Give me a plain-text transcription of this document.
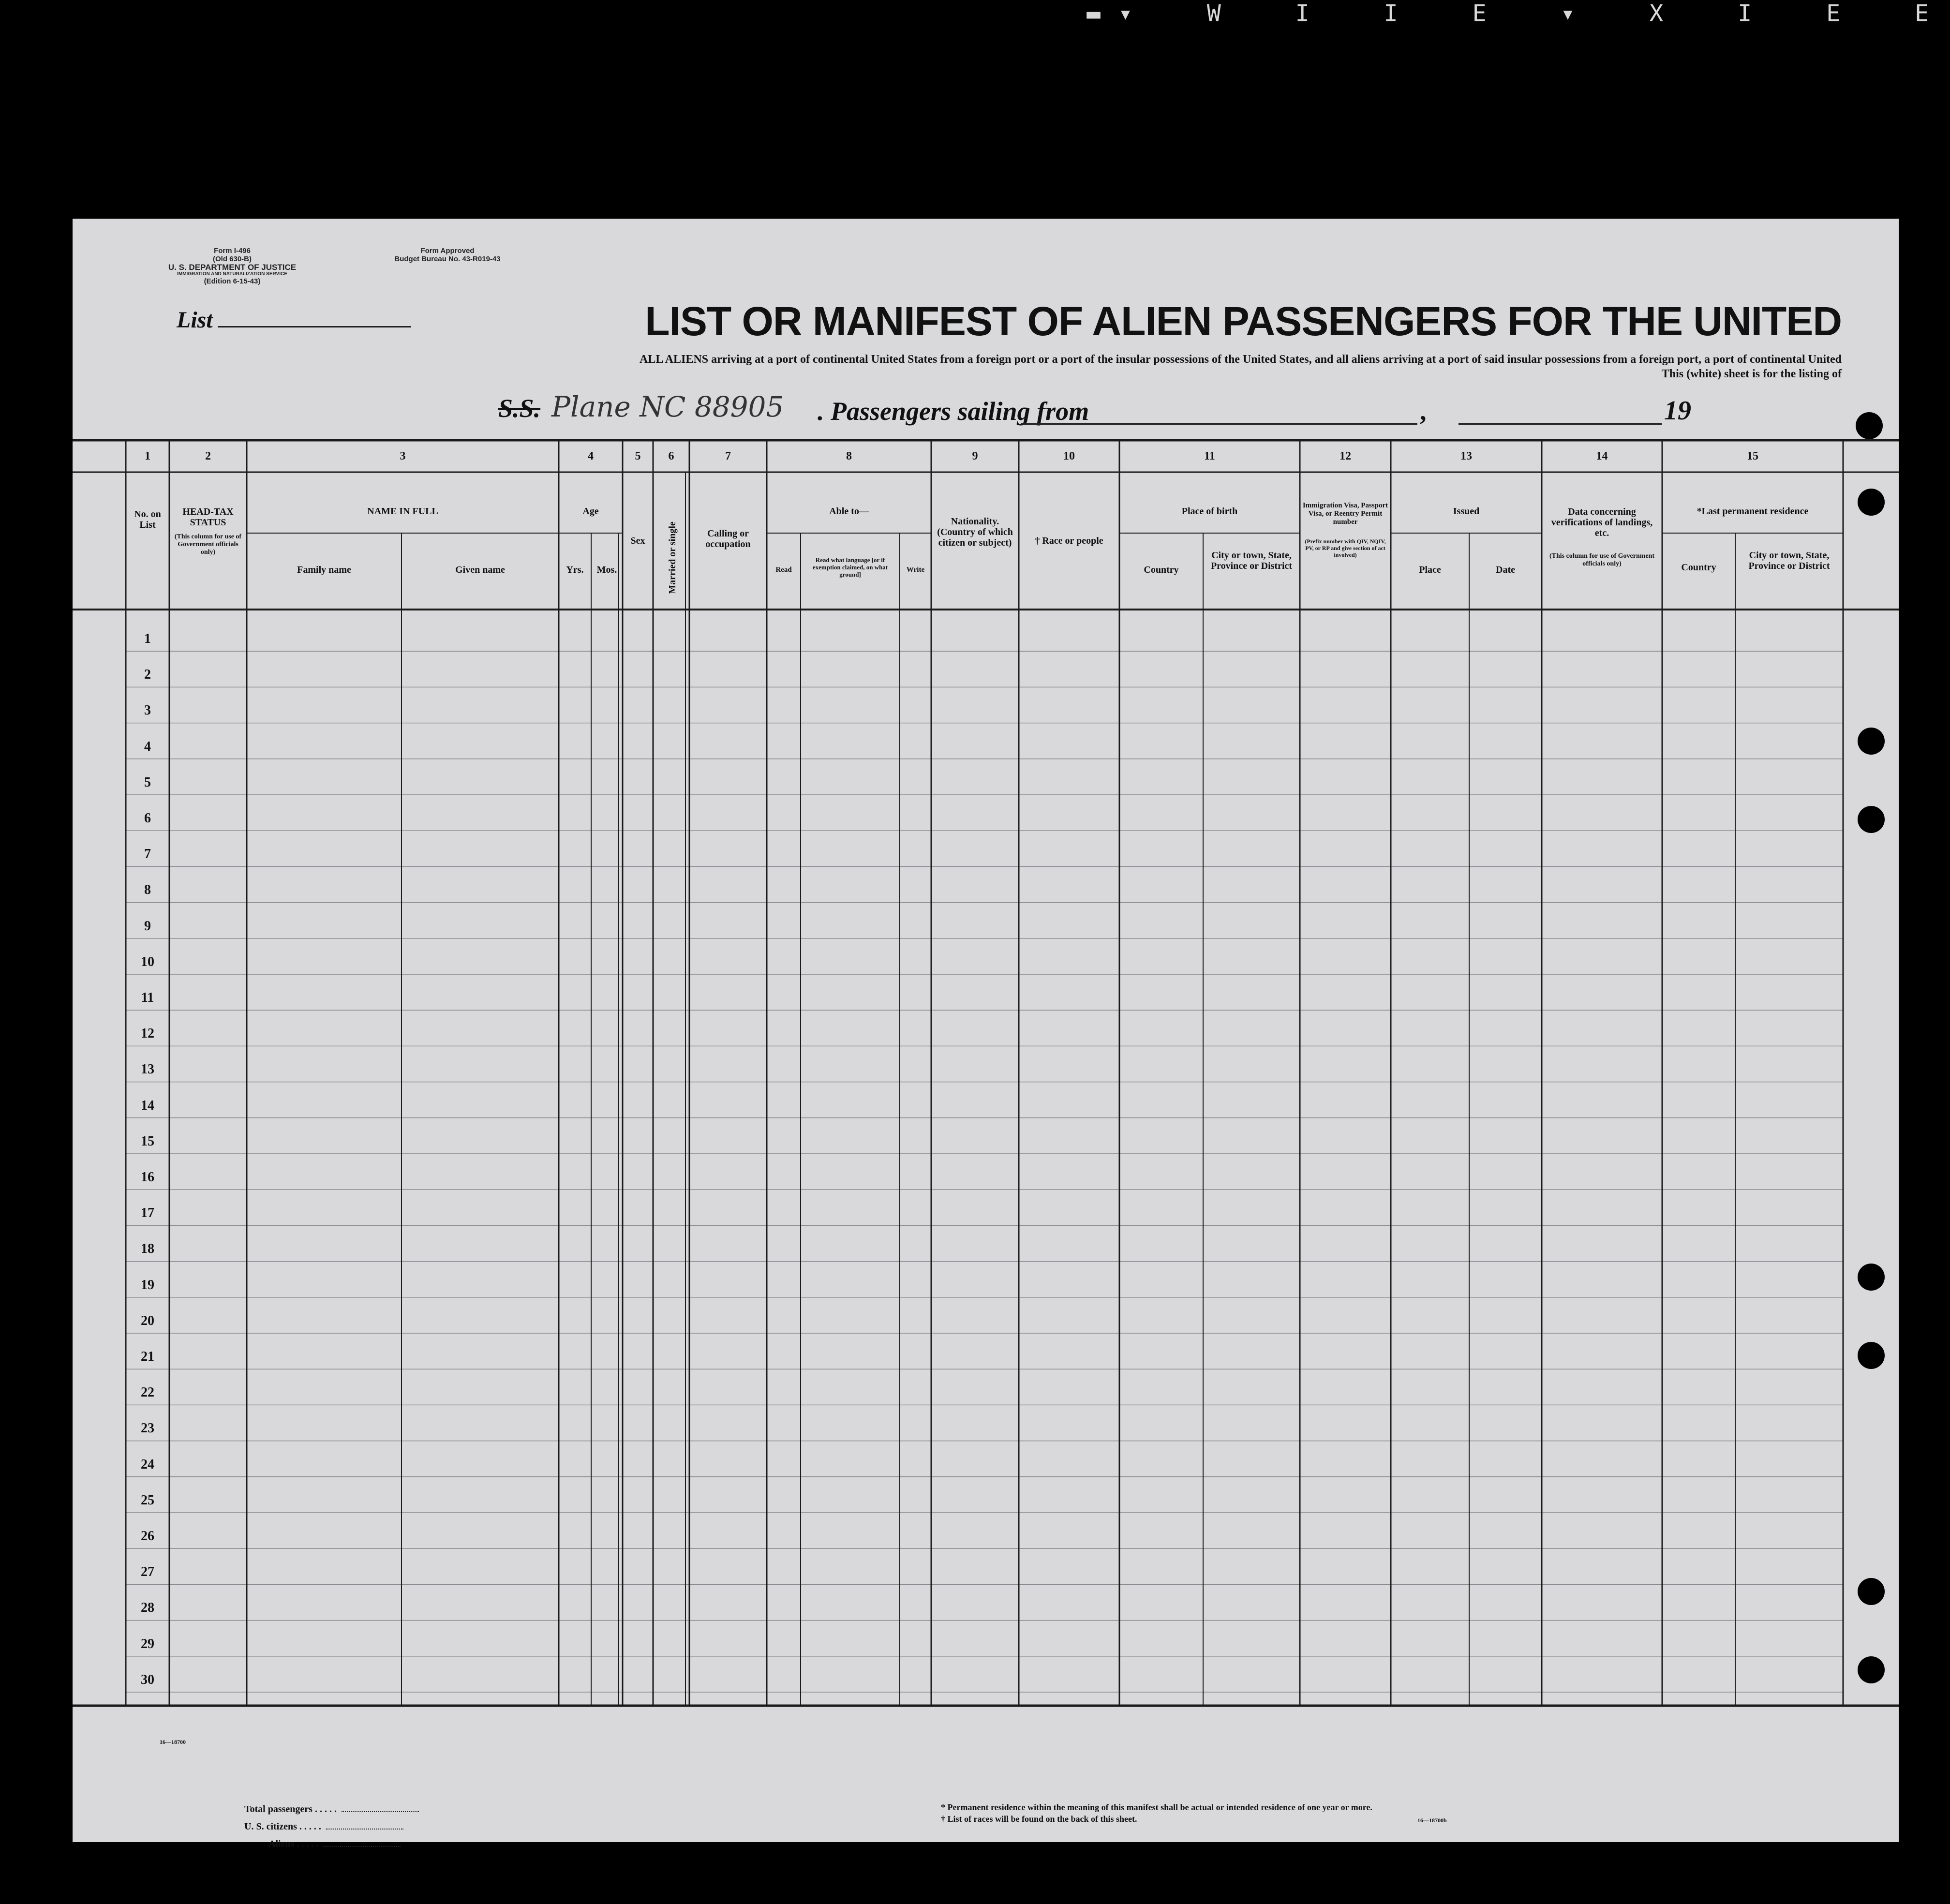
▬ ▾	W	I	I	E	▾	X	I	E	E
Form I-496
(Old 630-B)
U. S. DEPARTMENT OF JUSTICE
IMMIGRATION AND NATURALIZATION SERVICE
(Edition 6-15-43)
Form Approved
Budget Bureau No. 43-R019-43
List	LIST OR MANIFEST OF ALIEN PASSENGERS FOR THE UNITED
ALL ALIENS arriving at a port of continental United States from a foreign port or a port of the insular possessions of the United States, and all aliens arriving at a port of said insular possessions from a foreign port, a port of continental United
This (white) sheet is for the listing of
S.S. Plane NC 88905 . Passengers sailing from	,	19
1	2	3	4	5	6	7	8	9	10	11	12	13	14	15
No. on List
HEAD-TAX STATUS
(This column for use of Government officials only)
NAME IN FULL
Family name	Given name
Age
Yrs.	Mos.
Sex	Married or single	Calling or occupation
Able to—
Read
Read what language [or if exemption claimed, on what ground]
Write
Nationality. (Country of which citizen or subject)	† Race or people
Place of birth
Country
City or town, State, Province or District
Immigration Visa, Passport Visa, or Reentry Permit number
(Prefix number with QIV, NQIV, PV, or RP and give section of act involved)
Issued
Place	Date
Data concerning verifications of landings, etc.
(This column for use of Government officials only)
*Last permanent residence
Country
City or town, State, Province or District
1
2
3
4
5
6
7
8
9
10
11
12
13
14
15
16
17
18
19
20
21
22
23
24
25
26
27
28
29
30
16—18700
Total passengers . . . . .
U. S. citizens . . . . .
Aliens . . . . .
* Permanent residence within the meaning of this manifest shall be actual or intended residence of one year or more.
† List of races will be found on the back of this sheet.	16—18700b
